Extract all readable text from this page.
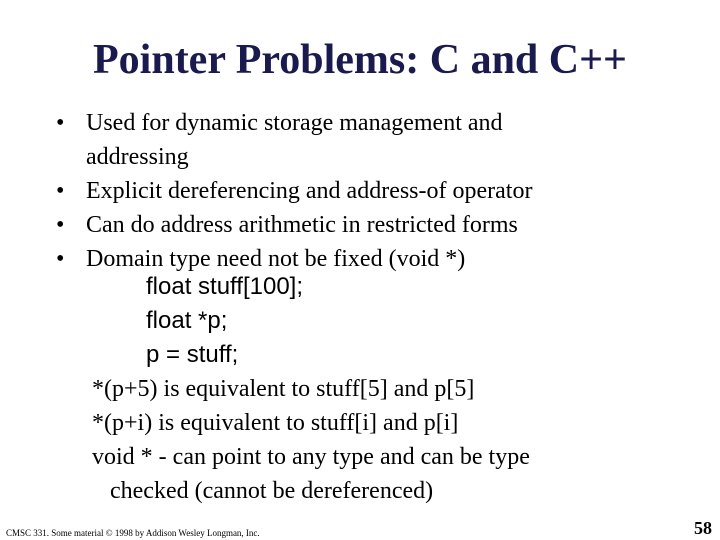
Pointer Problems: C and C++
• Used for dynamic storage management and
addressing
• Explicit dereferencing and address-of operator
• Can do address arithmetic in restricted forms
• Domain type need not be fixed (void *)
float stuff[100];
float *p;
p = stuff;
*(p+5) is equivalent to stuff[5] and p[5]
*(p+i) is equivalent to stuff[i] and p[i]
void * - can point to any type and can be type
checked (cannot be dereferenced)
CMSC 331. Some material © 1998 by Addison Wesley Longman, Inc.	58
